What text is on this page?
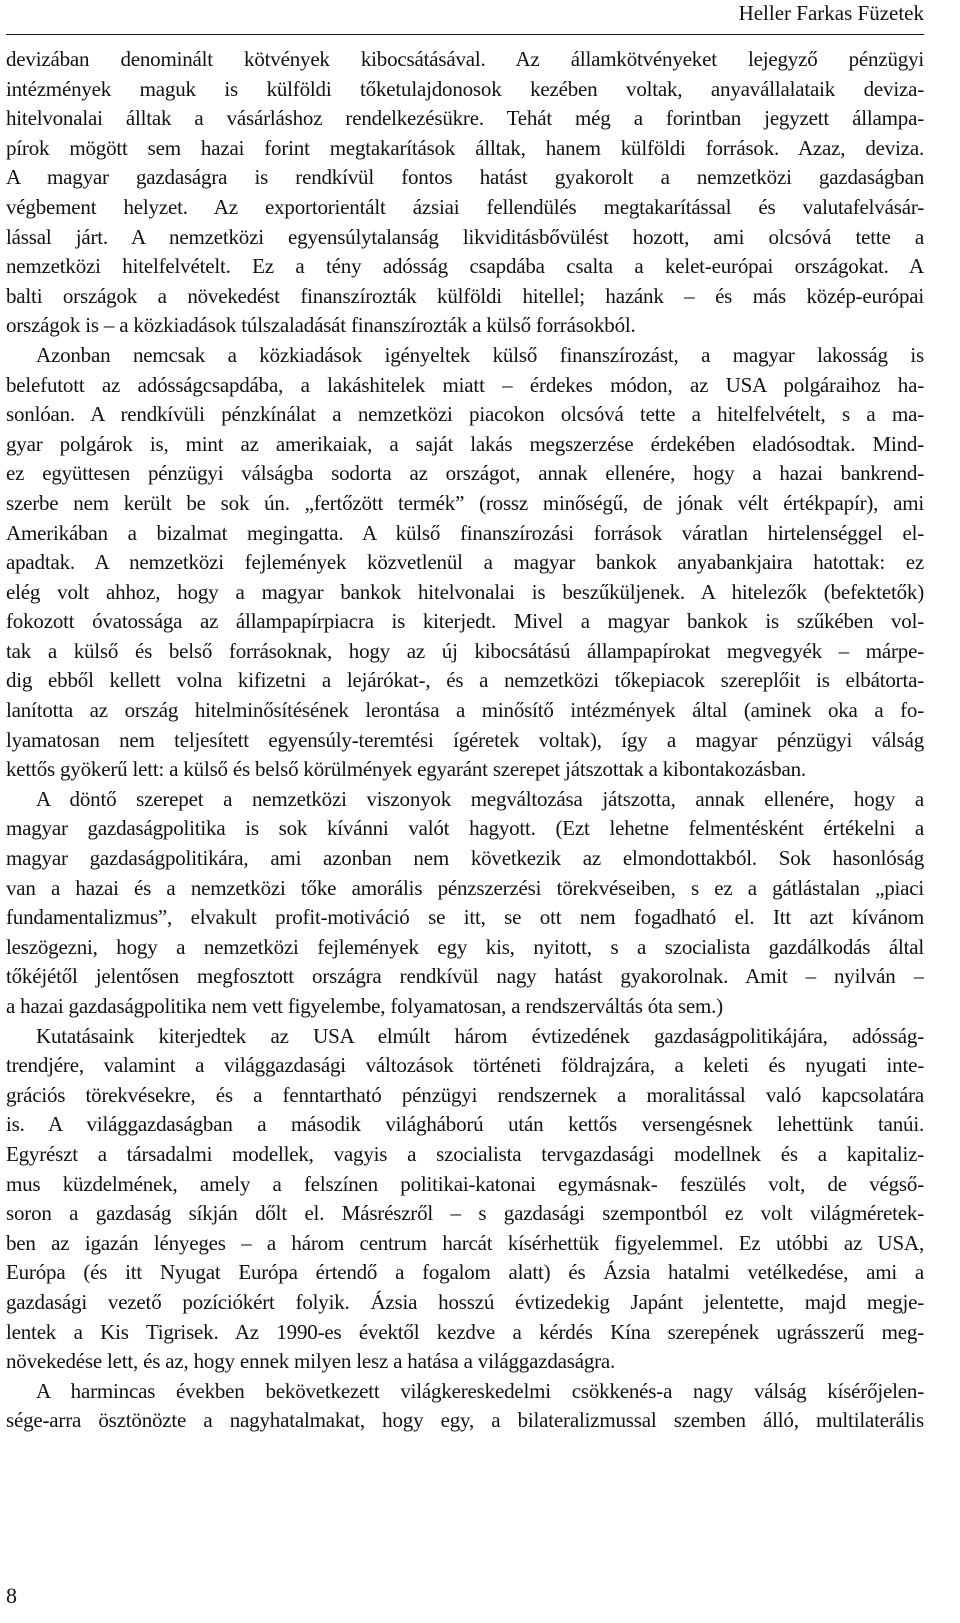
Heller Farkas Füzetek
devizában denominált kötvények kibocsátásával. Az államkötvényeket lejegyző pénzügyi
intézmények maguk is külföldi tőketulajdonosok kezében voltak, anyavállalataik deviza-
hitelvonalai álltak a vásárláshoz rendelkezésükre. Tehát még a forintban jegyzett állampa-
pírok mögött sem hazai forint megtakarítások álltak, hanem külföldi források. Azaz, deviza.
A magyar gazdaságra is rendkívül fontos hatást gyakorolt a nemzetközi gazdaságban
végbement helyzet. Az exportorientált ázsiai fellendülés megtakarítással és valutafelvásár-
lással járt. A nemzetközi egyensúlytalanság likviditásbővülést hozott, ami olcsóvá tette a
nemzetközi hitelfelvételt. Ez a tény adósság csapdába csalta a kelet-európai országokat. A
balti országok a növekedést finanszírozták külföldi hitellel; hazánk – és más közép-európai
országok is – a közkiadások túlszaladását finanszírozták a külső forrásokból.
Azonban nemcsak a közkiadások igényeltek külső finanszírozást, a magyar lakosság is
belefutott az adósságcsapdába, a lakáshitelek miatt – érdekes módon, az USA polgáraihoz ha-
sonlóan. A rendkívüli pénzkínálat a nemzetközi piacokon olcsóvá tette a hitelfelvételt, s a ma-
gyar polgárok is, mint az amerikaiak, a saját lakás megszerzése érdekében eladósodtak. Mind-
ez együttesen pénzügyi válságba sodorta az országot, annak ellenére, hogy a hazai bankrend-
szerbe nem került be sok ún. „fertőzött termék” (rossz minőségű, de jónak vélt értékpapír), ami
Amerikában a bizalmat megingatta. A külső finanszírozási források váratlan hirtelenséggel el-
apadtak. A nemzetközi fejlemények közvetlenül a magyar bankok anyabankjaira hatottak: ez
elég volt ahhoz, hogy a magyar bankok hitelvonalai is beszűküljenek. A hitelezők (befektetők)
fokozott óvatossága az állampapírpiacra is kiterjedt. Mivel a magyar bankok is szűkében vol-
tak a külső és belső forrásoknak, hogy az új kibocsátású állampapírokat megvegyék – márpe-
dig ebből kellett volna kifizetni a lejárókat-, és a nemzetközi tőkepiacok szereplőit is elbátorta-
lanította az ország hitelminősítésének lerontása a minősítő intézmények által (aminek oka a fo-
lyamatosan nem teljesített egyensúly-teremtési ígéretek voltak), így a magyar pénzügyi válság
kettős gyökerű lett: a külső és belső körülmények egyaránt szerepet játszottak a kibontakozásban.
A döntő szerepet a nemzetközi viszonyok megváltozása játszotta, annak ellenére, hogy a
magyar gazdaságpolitika is sok kívánni valót hagyott. (Ezt lehetne felmentésként értékelni a
magyar gazdaságpolitikára, ami azonban nem következik az elmondottakból. Sok hasonlóság
van a hazai és a nemzetközi tőke amorális pénzszerzési törekvéseiben, s ez a gátlástalan „piaci
fundamentalizmus”, elvakult profit-motiváció se itt, se ott nem fogadható el. Itt azt kívánom
leszögezni, hogy a nemzetközi fejlemények egy kis, nyitott, s a szocialista gazdálkodás által
tőkéjétől jelentősen megfosztott országra rendkívül nagy hatást gyakorolnak. Amit – nyilván –
a hazai gazdaságpolitika nem vett figyelembe, folyamatosan, a rendszerváltás óta sem.)
Kutatásaink kiterjedtek az USA elmúlt három évtizedének gazdaságpolitikájára, adósság-
trendjére, valamint a világgazdasági változások történeti földrajzára, a keleti és nyugati inte-
grációs törekvésekre, és a fenntartható pénzügyi rendszernek a moralitással való kapcsolatára
is. A világgazdaságban a második világháború után kettős versengésnek lehettünk tanúi.
Egyrészt a társadalmi modellek, vagyis a szocialista tervgazdasági modellnek és a kapitaliz-
mus küzdelmének, amely a felszínen politikai-katonai egymásnak- feszülés volt, de végső-
soron a gazdaság síkján dőlt el. Másrészről – s gazdasági szempontból ez volt világméretek-
ben az igazán lényeges – a három centrum harcát kísérhettük figyelemmel. Ez utóbbi az USA,
Európa (és itt Nyugat Európa értendő a fogalom alatt) és Ázsia hatalmi vetélkedése, ami a
gazdasági vezető pozíciókért folyik. Ázsia hosszú évtizedekig Japánt jelentette, majd megje-
lentek a Kis Tigrisek. Az 1990-es évektől kezdve a kérdés Kína szerepének ugrásszerű meg-
növekedése lett, és az, hogy ennek milyen lesz a hatása a világgazdaságra.
A harmincas években bekövetkezett világkereskedelmi csökkenés-a nagy válság kísérőjelen-
sége-arra ösztönözte a nagyhatalmakat, hogy egy, a bilateralizmussal szemben álló, multilaterális
8
